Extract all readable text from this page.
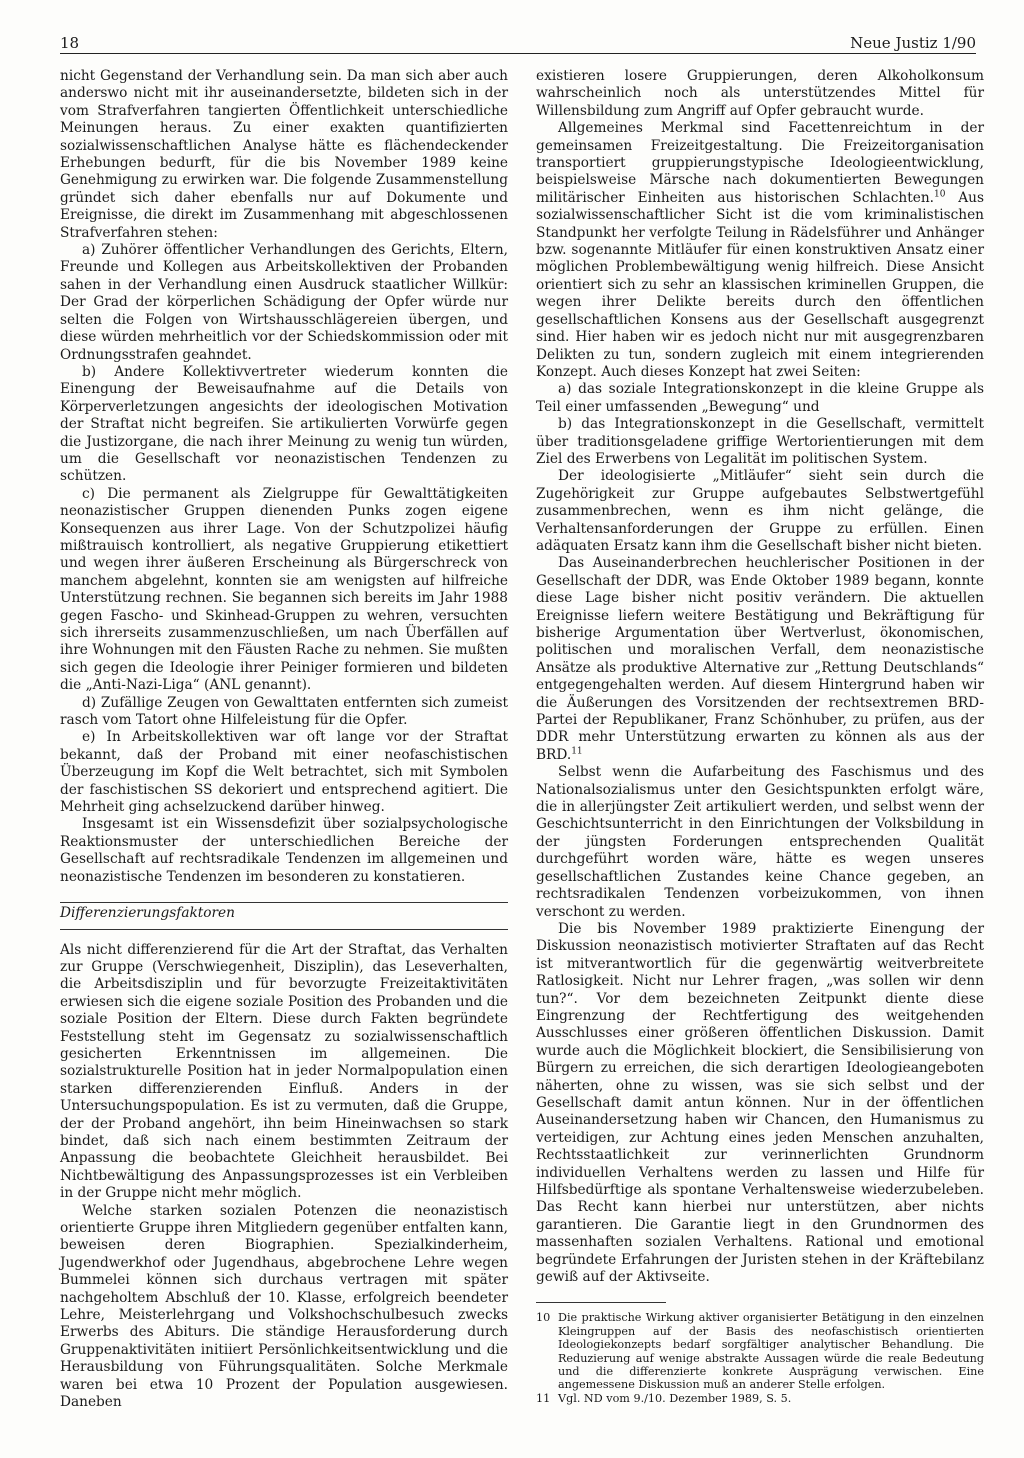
18	Neue Justiz 1/90

nicht Gegenstand der Verhandlung sein. Da man sich aber auch anderswo nicht mit ihr auseinandersetzte, bildeten sich in der vom Strafverfahren tangierten Öffentlichkeit unterschiedliche Meinungen heraus. Zu einer exakten quantifizierten sozialwissenschaftlichen Analyse hätte es flächendeckender Erhebungen bedurft, für die bis November 1989 keine Genehmigung zu erwirken war. Die folgende Zusammenstellung gründet sich daher ebenfalls nur auf Dokumente und Ereignisse, die direkt im Zusammenhang mit abgeschlossenen Strafverfahren stehen:

a) Zuhörer öffentlicher Verhandlungen des Gerichts, Eltern, Freunde und Kollegen aus Arbeitskollektiven der Probanden sahen in der Verhandlung einen Ausdruck staatlicher Willkür: Der Grad der körperlichen Schädigung der Opfer würde nur selten die Folgen von Wirtshausschlägereien übergen, und diese würden mehrheitlich vor der Schiedskommission oder mit Ordnungsstrafen geahndet.

b) Andere Kollektivvertreter wiederum konnten die Einengung der Beweisaufnahme auf die Details von Körperverletzungen angesichts der ideologischen Motivation der Straftat nicht begreifen. Sie artikulierten Vorwürfe gegen die Justizorgane, die nach ihrer Meinung zu wenig tun würden, um die Gesellschaft vor neonazistischen Tendenzen zu schützen.

c) Die permanent als Zielgruppe für Gewalttätigkeiten neonazistischer Gruppen dienenden Punks zogen eigene Konsequenzen aus ihrer Lage. Von der Schutzpolizei häufig mißtrauisch kontrolliert, als negative Gruppierung etikettiert und wegen ihrer äußeren Erscheinung als Bürgerschreck von manchem abgelehnt, konnten sie am wenigsten auf hilfreiche Unterstützung rechnen. Sie begannen sich bereits im Jahr 1988 gegen Fascho- und Skinhead-Gruppen zu wehren, versuchten sich ihrerseits zusammenzuschließen, um nach Überfällen auf ihre Wohnungen mit den Fäusten Rache zu nehmen. Sie mußten sich gegen die Ideologie ihrer Peiniger formieren und bildeten die „Anti-Nazi-Liga“ (ANL genannt).

d) Zufällige Zeugen von Gewalttaten entfernten sich zumeist rasch vom Tatort ohne Hilfeleistung für die Opfer.

e) In Arbeitskollektiven war oft lange vor der Straftat bekannt, daß der Proband mit einer neofaschistischen Überzeugung im Kopf die Welt betrachtet, sich mit Symbolen der faschistischen SS dekoriert und entsprechend agitiert. Die Mehrheit ging achselzuckend darüber hinweg.

Insgesamt ist ein Wissensdefizit über sozialpsychologische Reaktionsmuster der unterschiedlichen Bereiche der Gesellschaft auf rechtsradikale Tendenzen im allgemeinen und neonazistische Tendenzen im besonderen zu konstatieren.

Differenzierungsfaktoren

Als nicht differenzierend für die Art der Straftat, das Verhalten zur Gruppe (Verschwiegenheit, Disziplin), das Leseverhalten, die Arbeitsdisziplin und für bevorzugte Freizeitaktivitäten erwiesen sich die eigene soziale Position des Probanden und die soziale Position der Eltern. Diese durch Fakten begründete Feststellung steht im Gegensatz zu sozialwissenschaftlich gesicherten Erkenntnissen im allgemeinen. Die sozialstrukturelle Position hat in jeder Normalpopulation einen starken differenzierenden Einfluß. Anders in der Untersuchungspopulation. Es ist zu vermuten, daß die Gruppe, der der Proband angehört, ihn beim Hineinwachsen so stark bindet, daß sich nach einem bestimmten Zeitraum der Anpassung die beobachtete Gleichheit herausbildet. Bei Nichtbewältigung des Anpassungsprozesses ist ein Verbleiben in der Gruppe nicht mehr möglich.

Welche starken sozialen Potenzen die neonazistisch orientierte Gruppe ihren Mitgliedern gegenüber entfalten kann, beweisen deren Biographien. Spezialkinderheim, Jugendwerkhof oder Jugendhaus, abgebrochene Lehre wegen Bummelei können sich durchaus vertragen mit später nachgeholtem Abschluß der 10. Klasse, erfolgreich beendeter Lehre, Meisterlehrgang und Volkshochschulbesuch zwecks Erwerbs des Abiturs. Die ständige Herausforderung durch Gruppenaktivitäten initiiert Persönlichkeitsentwicklung und die Herausbildung von Führungsqualitäten. Solche Merkmale waren bei etwa 10 Prozent der Population ausgewiesen. Daneben

existieren losere Gruppierungen, deren Alkoholkonsum wahrscheinlich noch als unterstützendes Mittel für Willensbildung zum Angriff auf Opfer gebraucht wurde.

Allgemeines Merkmal sind Facettenreichtum in der gemeinsamen Freizeitgestaltung. Die Freizeitorganisation transportiert gruppierungstypische Ideologieentwicklung, beispielsweise Märsche nach dokumentierten Bewegungen militärischer Einheiten aus historischen Schlachten.$^{10}$ Aus sozialwissenschaftlicher Sicht ist die vom kriminalistischen Standpunkt her verfolgte Teilung in Rädelsführer und Anhänger bzw. sogenannte Mitläufer für einen konstruktiven Ansatz einer möglichen Problembewältigung wenig hilfreich. Diese Ansicht orientiert sich zu sehr an klassischen kriminellen Gruppen, die wegen ihrer Delikte bereits durch den öffentlichen gesellschaftlichen Konsens aus der Gesellschaft ausgegrenzt sind. Hier haben wir es jedoch nicht nur mit ausgegrenzbaren Delikten zu tun, sondern zugleich mit einem integrierenden Konzept. Auch dieses Konzept hat zwei Seiten:

a) das soziale Integrationskonzept in die kleine Gruppe als Teil einer umfassenden „Bewegung“ und

b) das Integrationskonzept in die Gesellschaft, vermittelt über traditionsgeladene griffige Wertorientierungen mit dem Ziel des Erwerbens von Legalität im politischen System.

Der ideologisierte „Mitläufer“ sieht sein durch die Zugehörigkeit zur Gruppe aufgebautes Selbstwertgefühl zusammenbrechen, wenn es ihm nicht gelänge, die Verhaltensanforderungen der Gruppe zu erfüllen. Einen adäquaten Ersatz kann ihm die Gesellschaft bisher nicht bieten.

Das Auseinanderbrechen heuchlerischer Positionen in der Gesellschaft der DDR, was Ende Oktober 1989 begann, konnte diese Lage bisher nicht positiv verändern. Die aktuellen Ereignisse liefern weitere Bestätigung und Bekräftigung für bisherige Argumentation über Wertverlust, ökonomischen, politischen und moralischen Verfall, dem neonazistische Ansätze als produktive Alternative zur „Rettung Deutschlands“ entgegengehalten werden. Auf diesem Hintergrund haben wir die Äußerungen des Vorsitzenden der rechtsextremen BRD-Partei der Republikaner, Franz Schönhuber, zu prüfen, aus der DDR mehr Unterstützung erwarten zu können als aus der BRD.$^{11}$

Selbst wenn die Aufarbeitung des Faschismus und des Nationalsozialismus unter den Gesichtspunkten erfolgt wäre, die in allerjüngster Zeit artikuliert werden, und selbst wenn der Geschichtsunterricht in den Einrichtungen der Volksbildung in der jüngsten Forderungen entsprechenden Qualität durchgeführt worden wäre, hätte es wegen unseres gesellschaftlichen Zustandes keine Chance gegeben, an rechtsradikalen Tendenzen vorbeizukommen, von ihnen verschont zu werden.

Die bis November 1989 praktizierte Einengung der Diskussion neonazistisch motivierter Straftaten auf das Recht ist mitverantwortlich für die gegenwärtig weitverbreitete Ratlosigkeit. Nicht nur Lehrer fragen, „was sollen wir denn tun?“. Vor dem bezeichneten Zeitpunkt diente diese Eingrenzung der Rechtfertigung des weitgehenden Ausschlusses einer größeren öffentlichen Diskussion. Damit wurde auch die Möglichkeit blockiert, die Sensibilisierung von Bürgern zu erreichen, die sich derartigen Ideologieangeboten näherten, ohne zu wissen, was sie sich selbst und der Gesellschaft damit antun können. Nur in der öffentlichen Auseinandersetzung haben wir Chancen, den Humanismus zu verteidigen, zur Achtung eines jeden Menschen anzuhalten, Rechtsstaatlichkeit zur verinnerlichten Grundnorm individuellen Verhaltens werden zu lassen und Hilfe für Hilfsbedürftige als spontane Verhaltensweise wiederzubeleben. Das Recht kann hierbei nur unterstützen, aber nichts garantieren. Die Garantie liegt in den Grundnormen des massenhaften sozialen Verhaltens. Rational und emotional begründete Erfahrungen der Juristen stehen in der Kräftebilanz gewiß auf der Aktivseite.

10 Die praktische Wirkung aktiver organisierter Betätigung in den einzelnen Kleingruppen auf der Basis des neofaschistisch orientierten Ideologiekonzepts bedarf sorgfältiger analytischer Behandlung. Die Reduzierung auf wenige abstrakte Aussagen würde die reale Bedeutung und die differenzierte konkrete Ausprägung verwischen. Eine angemessene Diskussion muß an anderer Stelle erfolgen.
11 Vgl. ND vom 9./10. Dezember 1989, S. 5.
